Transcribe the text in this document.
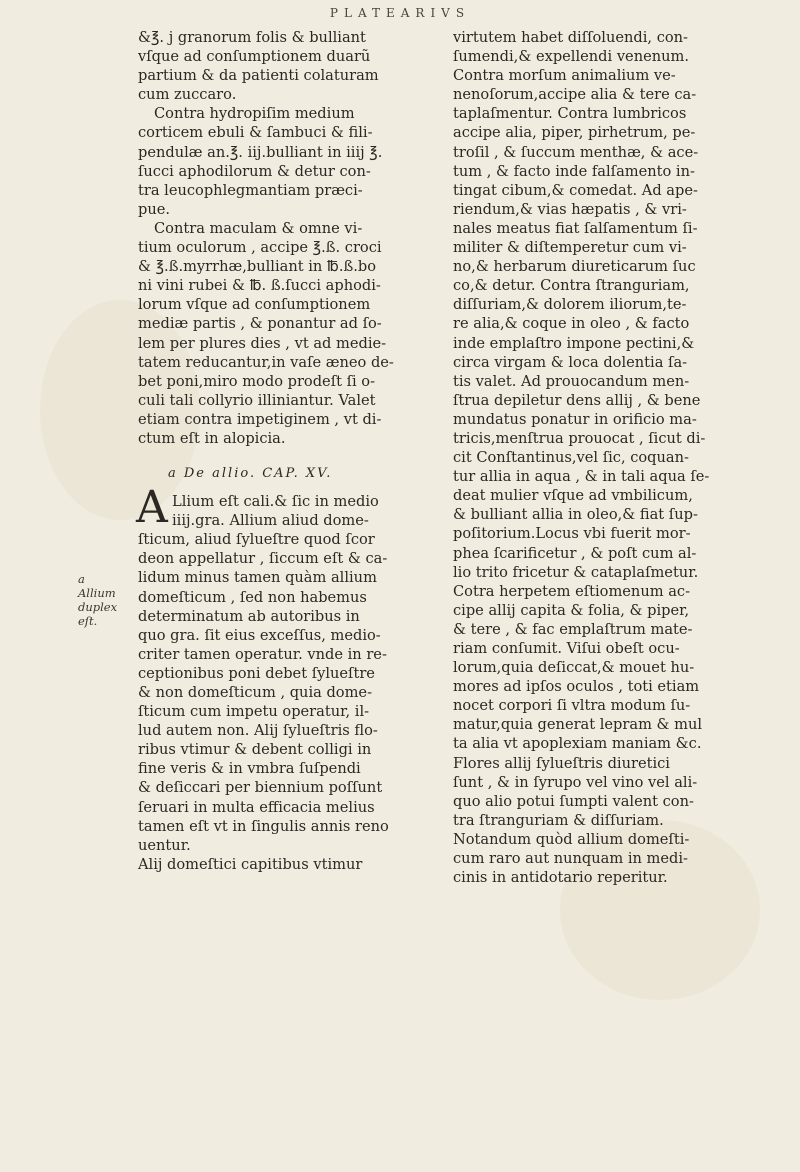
PLATEARIVS
&℥. j granorum folis & bulliant
vſque ad conſumptionem duarũ
partium & da patienti colaturam
cum zuccaro.
Contra hydropiſim medium
corticem ebuli & ſambuci & fili-
pendulæ an.℥. iij.bulliant in iiij ℥.
ſucci aphodilorum & detur con-
tra leucophlegmantiam præci-
pue.
Contra maculam & omne vi-
tium oculorum , accipe ℥.ß. croci
& ℥.ß.myrrhæ,bulliant in ℔.ß.bo
ni vini rubei & ℔. ß.ſucci aphodi-
lorum vſque ad conſumptionem
mediæ partis , & ponantur ad ſo-
lem per plures dies , vt ad medie-
tatem reducantur,in vaſe æneo de-
bet poni,miro modo prodeſt ſi o-
culi tali collyrio illiniantur. Valet
etiam contra impetiginem , vt di-
ctum eſt in alopicia.
a De allio. CAP. XV.
A Llium eſt cali.& ſic in medio
iiij.gra. Allium aliud dome-
ſticum, aliud ſylueſtre quod ſcor
deon appellatur , ſiccum eſt & ca-
lidum minus tamen quàm allium
domeſticum , ſed non habemus
determinatum ab autoribus in
quo gra. ſit eius exceſſus, medio-
criter tamen operatur. vnde in re-
ceptionibus poni debet ſylueſtre
& non domeſticum , quia dome-
ſticum cum impetu operatur, il-
lud autem non. Alij ſylueſtris flo-
ribus vtimur & debent colligi in
fine veris & in vmbra ſuſpendi
& deſiccari per biennium poſſunt
ſeruari in multa efficacia melius
tamen eſt vt in ſingulis annis reno
uentur.
Alij domeſtici capitibus vtimur
a
Allium
duplex eſt.
virtutem habet diſſoluendi, con-
ſumendi,& expellendi venenum.
Contra morſum animalium ve-
nenoſorum,accipe alia & tere ca-
taplaſmentur. Contra lumbricos
accipe alia, piper, pirhetrum, pe-
troſil , & ſuccum menthæ, & ace-
tum , & facto inde falſamento in-
tingat cibum,& comedat. Ad ape-
riendum,& vias hæpatis , & vri-
nales meatus fiat ſalſamentum ſi-
militer & diſtemperetur cum vi-
no,& herbarum diureticarum ſuc
co,& detur. Contra ſtranguriam,
diſſuriam,& dolorem iliorum,te-
re alia,& coque in oleo , & facto
inde emplaſtro impone pectini,&
circa virgam & loca dolentia ſa-
tis valet. Ad prouocandum men-
ſtrua depiletur dens allij , & bene
mundatus ponatur in orificio ma-
tricis,menſtrua prouocat , ſicut di-
cit Conſtantinus,vel ſic, coquan-
tur allia in aqua , & in tali aqua ſe-
deat mulier vſque ad vmbilicum,
& bulliant allia in oleo,& fiat ſup-
poſitorium.Locus vbi fuerit mor-
phea ſcarificetur , & poſt cum al-
lio trito fricetur & cataplaſmetur.
Cotra herpetem eſtiomenum ac-
cipe allij capita & folia, & piper,
& tere , & fac emplaſtrum mate-
riam conſumit. Viſui obeſt ocu-
lorum,quia deſiccat,& mouet hu-
mores ad ipſos oculos , toti etiam
nocet corpori ſi vltra modum ſu-
matur,quia generat lepram & mul
ta alia vt apoplexiam maniam &c.
Flores allij ſylueſtris diuretici
ſunt , & in ſyrupo vel vino vel ali-
quo alio potui ſumpti valent con-
tra ſtranguriam & diſſuriam.
Notandum quòd allium domeſti-
cum raro aut nunquam in medi-
cinis in antidotario reperitur.
